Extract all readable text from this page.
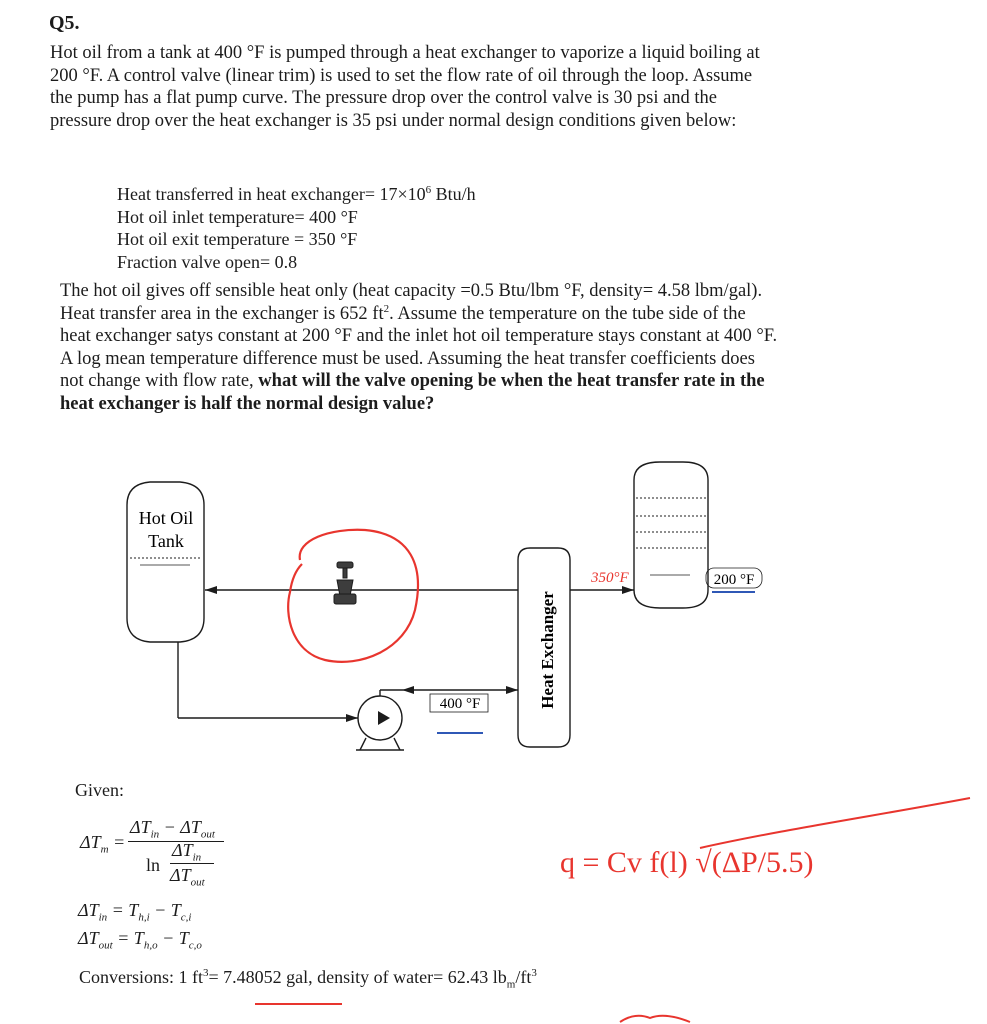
Q5.
Hot oil from a tank at 400 °F is pumped through a heat exchanger to vaporize a liquid boiling at
200 °F. A control valve (linear trim) is used to set the flow rate of oil through the loop. Assume
the pump has a flat pump curve. The pressure drop over the control valve is 30 psi and the
pressure drop over the heat exchanger is 35 psi under normal design conditions given below:
Heat transferred in heat exchanger= $17\times 10^6$ Btu/h
Hot oil inlet temperature= 400 °F
Hot oil exit temperature = 350 °F
Fraction valve open= 0.8
The hot oil gives off sensible heat only (heat capacity =0.5 Btu/lbm °F, density= 4.58 lbm/gal).
Heat transfer area in the exchanger is 652 $ft^2$. Assume the temperature on the tube side of the
heat exchanger satys constant at 200 °F and the inlet hot oil temperature stays constant at 400 °F.
A log mean temperature difference must be used. Assuming the heat transfer coefficients does
not change with flow rate, what will the valve opening be when the heat transfer rate in the
heat exchanger is half the normal design value?
Hot Oil
Tank
Heat Exchanger
400 °F
200 °F
350°F
q = Cv f(l) √(ΔP/5.5)
Given:
$\Delta T_m$ =
$\Delta T_{in} - \Delta T_{out}$
ln
$\Delta T_{in}$
$\Delta T_{out}$
$\Delta T_{in} = T_{h,i} - T_{c,i}$
$\Delta T_{out} = T_{h,o} - T_{c,o}$
Conversions: 1 $ft^3= 7.48052$ gal, density of water= 62.43 $lb_m/ft^3$
